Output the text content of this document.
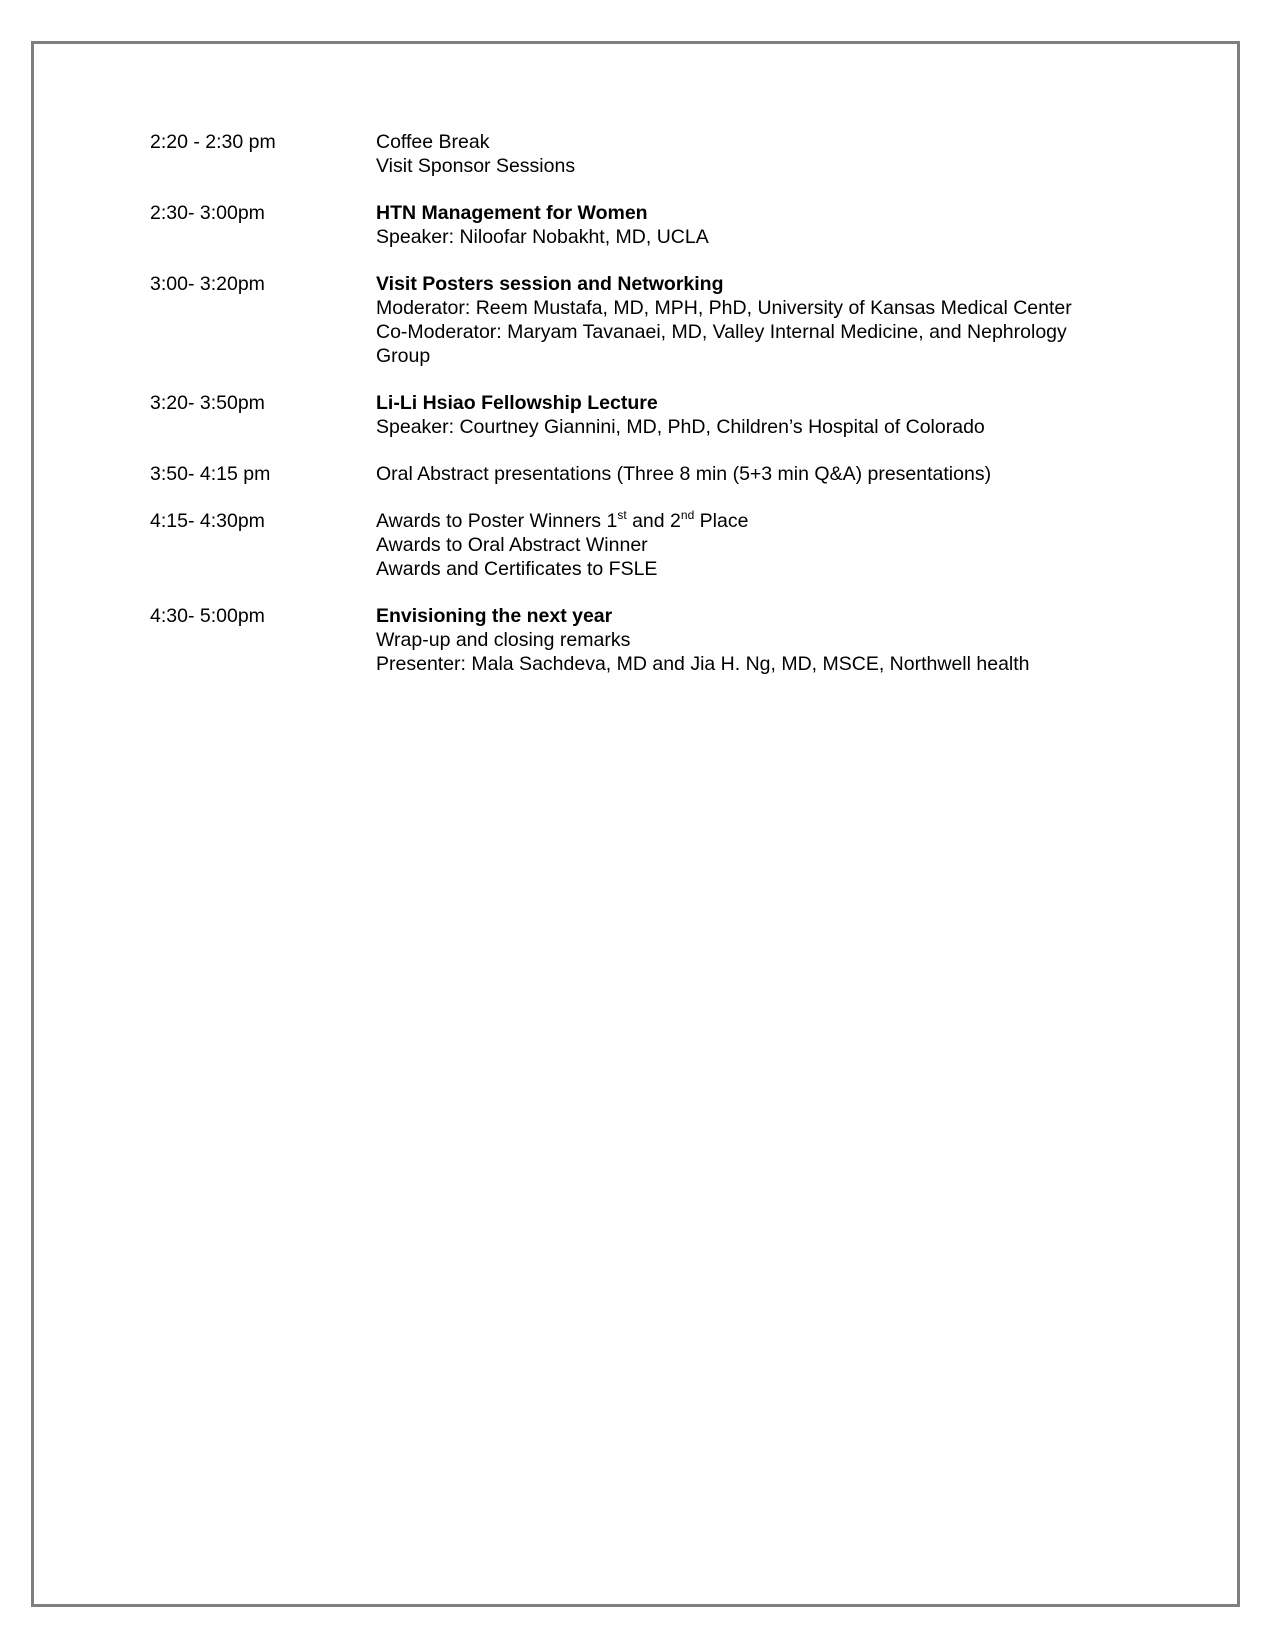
2:20 - 2:30 pm	Coffee Break
Visit Sponsor Sessions
2:30- 3:00pm	HTN Management for Women
Speaker: Niloofar Nobakht, MD, UCLA
3:00- 3:20pm	Visit Posters session and Networking
Moderator: Reem Mustafa, MD, MPH, PhD, University of Kansas Medical Center
Co-Moderator: Maryam Tavanaei, MD, Valley Internal Medicine, and Nephrology
Group
3:20- 3:50pm	Li-Li Hsiao Fellowship Lecture
Speaker: Courtney Giannini, MD, PhD, Children’s Hospital of Colorado
3:50- 4:15 pm	Oral Abstract presentations (Three 8 min (5+3 min Q&A) presentations)
4:15- 4:30pm	Awards to Poster Winners 1st and 2nd Place
Awards to Oral Abstract Winner
Awards and Certificates to FSLE
4:30- 5:00pm	Envisioning the next year
Wrap-up and closing remarks
Presenter: Mala Sachdeva, MD and Jia H. Ng, MD, MSCE, Northwell health
